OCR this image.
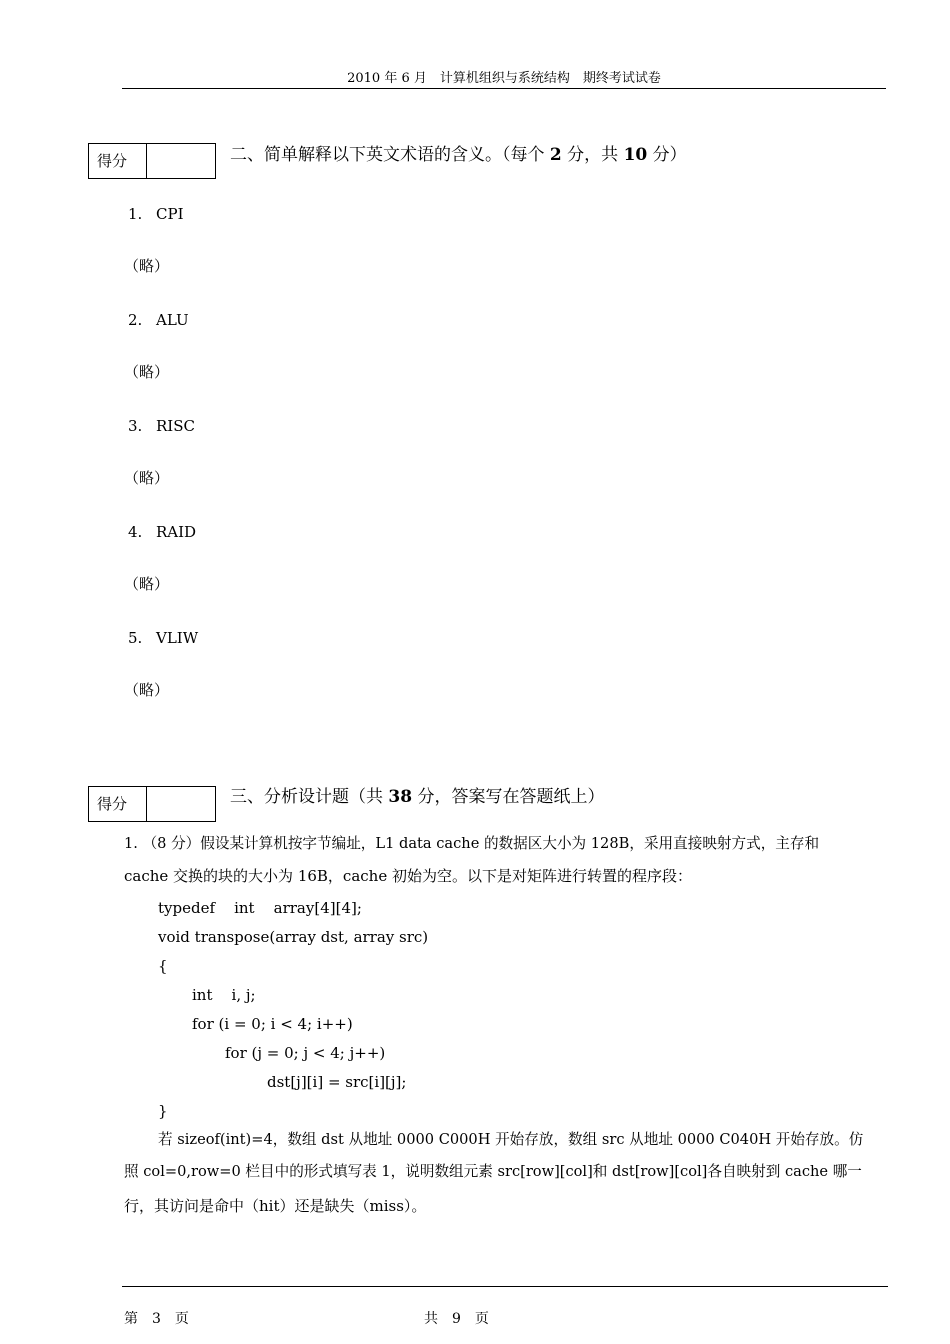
2010 年 6 月　计算机组织与系统结构　期终考试试卷
得分	二、简单解释以下英文术语的含义。（每个 2 分，共 10 分）
1. CPI
（略）
2. ALU
（略）
3. RISC
（略）
4. RAID
（略）
5. VLIW
（略）
得分	三、分析设计题（共 38 分，答案写在答题纸上）
1. （8 分）假设某计算机按字节编址，L1 data cache 的数据区大小为 128B，采用直接映射方式，主存和
cache 交换的块的大小为 16B，cache 初始为空。以下是对矩阵进行转置的程序段：
typedef    int    array[4][4];
void transpose(array dst, array src)
{
int    i, j;
for (i = 0; i < 4; i++)
for (j = 0; j < 4; j++)
dst[j][i] = src[i][j];
}
若 sizeof(int)=4，数组 dst 从地址 0000 C000H 开始存放，数组 src 从地址 0000 C040H 开始存放。仿
照 col=0,row=0 栏目中的形式填写表 1，说明数组元素 src[row][col]和 dst[row][col]各自映射到 cache 哪一
行，其访问是命中（hit）还是缺失（miss）。
第　3　页	共　9　页
